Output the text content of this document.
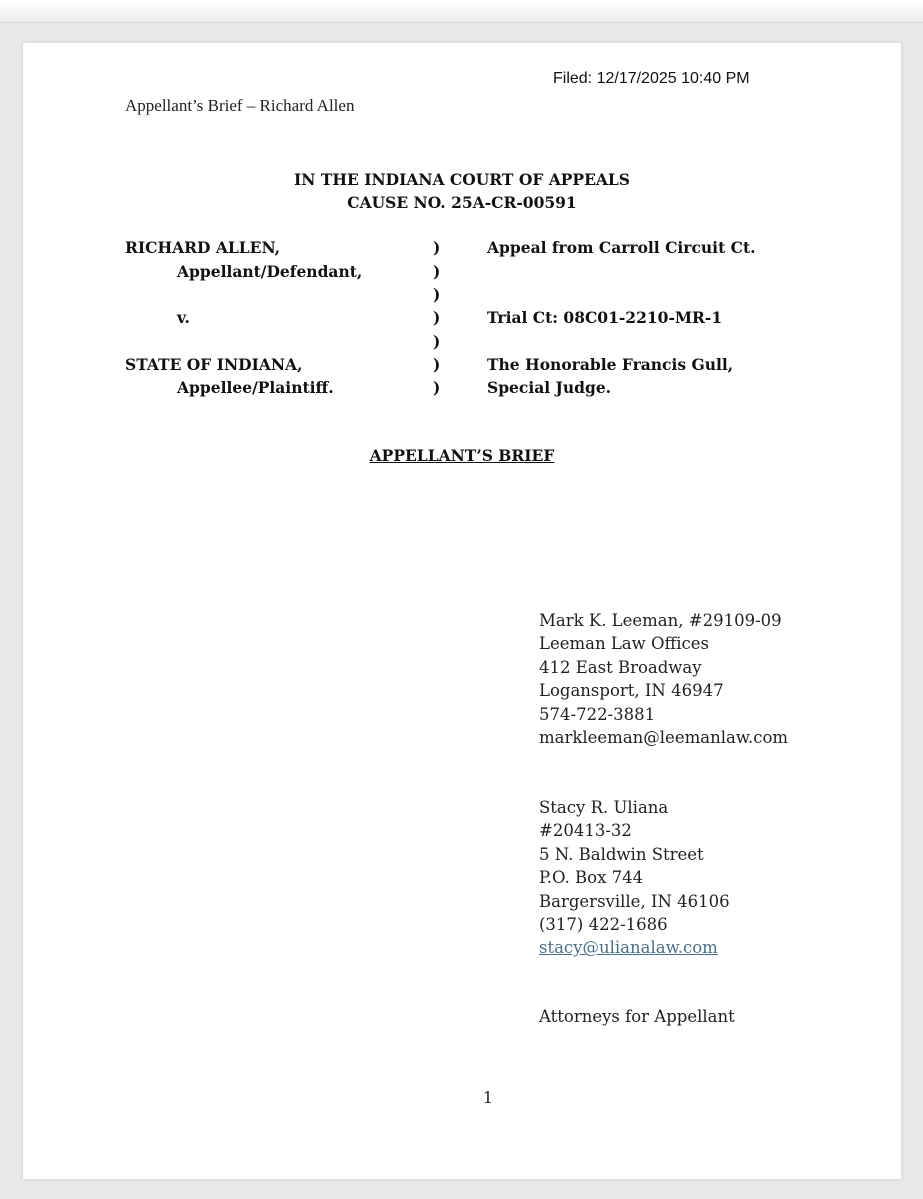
Filed: 12/17/2025 10:40 PM
Appellant’s Brief – Richard Allen
IN THE INDIANA COURT OF APPEALS
CAUSE NO. 25A-CR-00591
RICHARD ALLEN,
Appellant/Defendant,
v.
STATE OF INDIANA,
Appellee/Plaintiff.
)
)
)
)
)
)
)
Appeal from Carroll Circuit Ct.
Trial Ct: 08C01-2210-MR-1
The Honorable Francis Gull,
Special Judge.
APPELLANT’S BRIEF
Mark K. Leeman, #29109-09
Leeman Law Offices
412 East Broadway
Logansport, IN 46947
574-722-3881
markleeman@leemanlaw.com
Stacy R. Uliana
#20413-32
5 N. Baldwin Street
P.O. Box 744
Bargersville, IN 46106
(317) 422-1686
stacy@ulianalaw.com
Attorneys for Appellant
1
